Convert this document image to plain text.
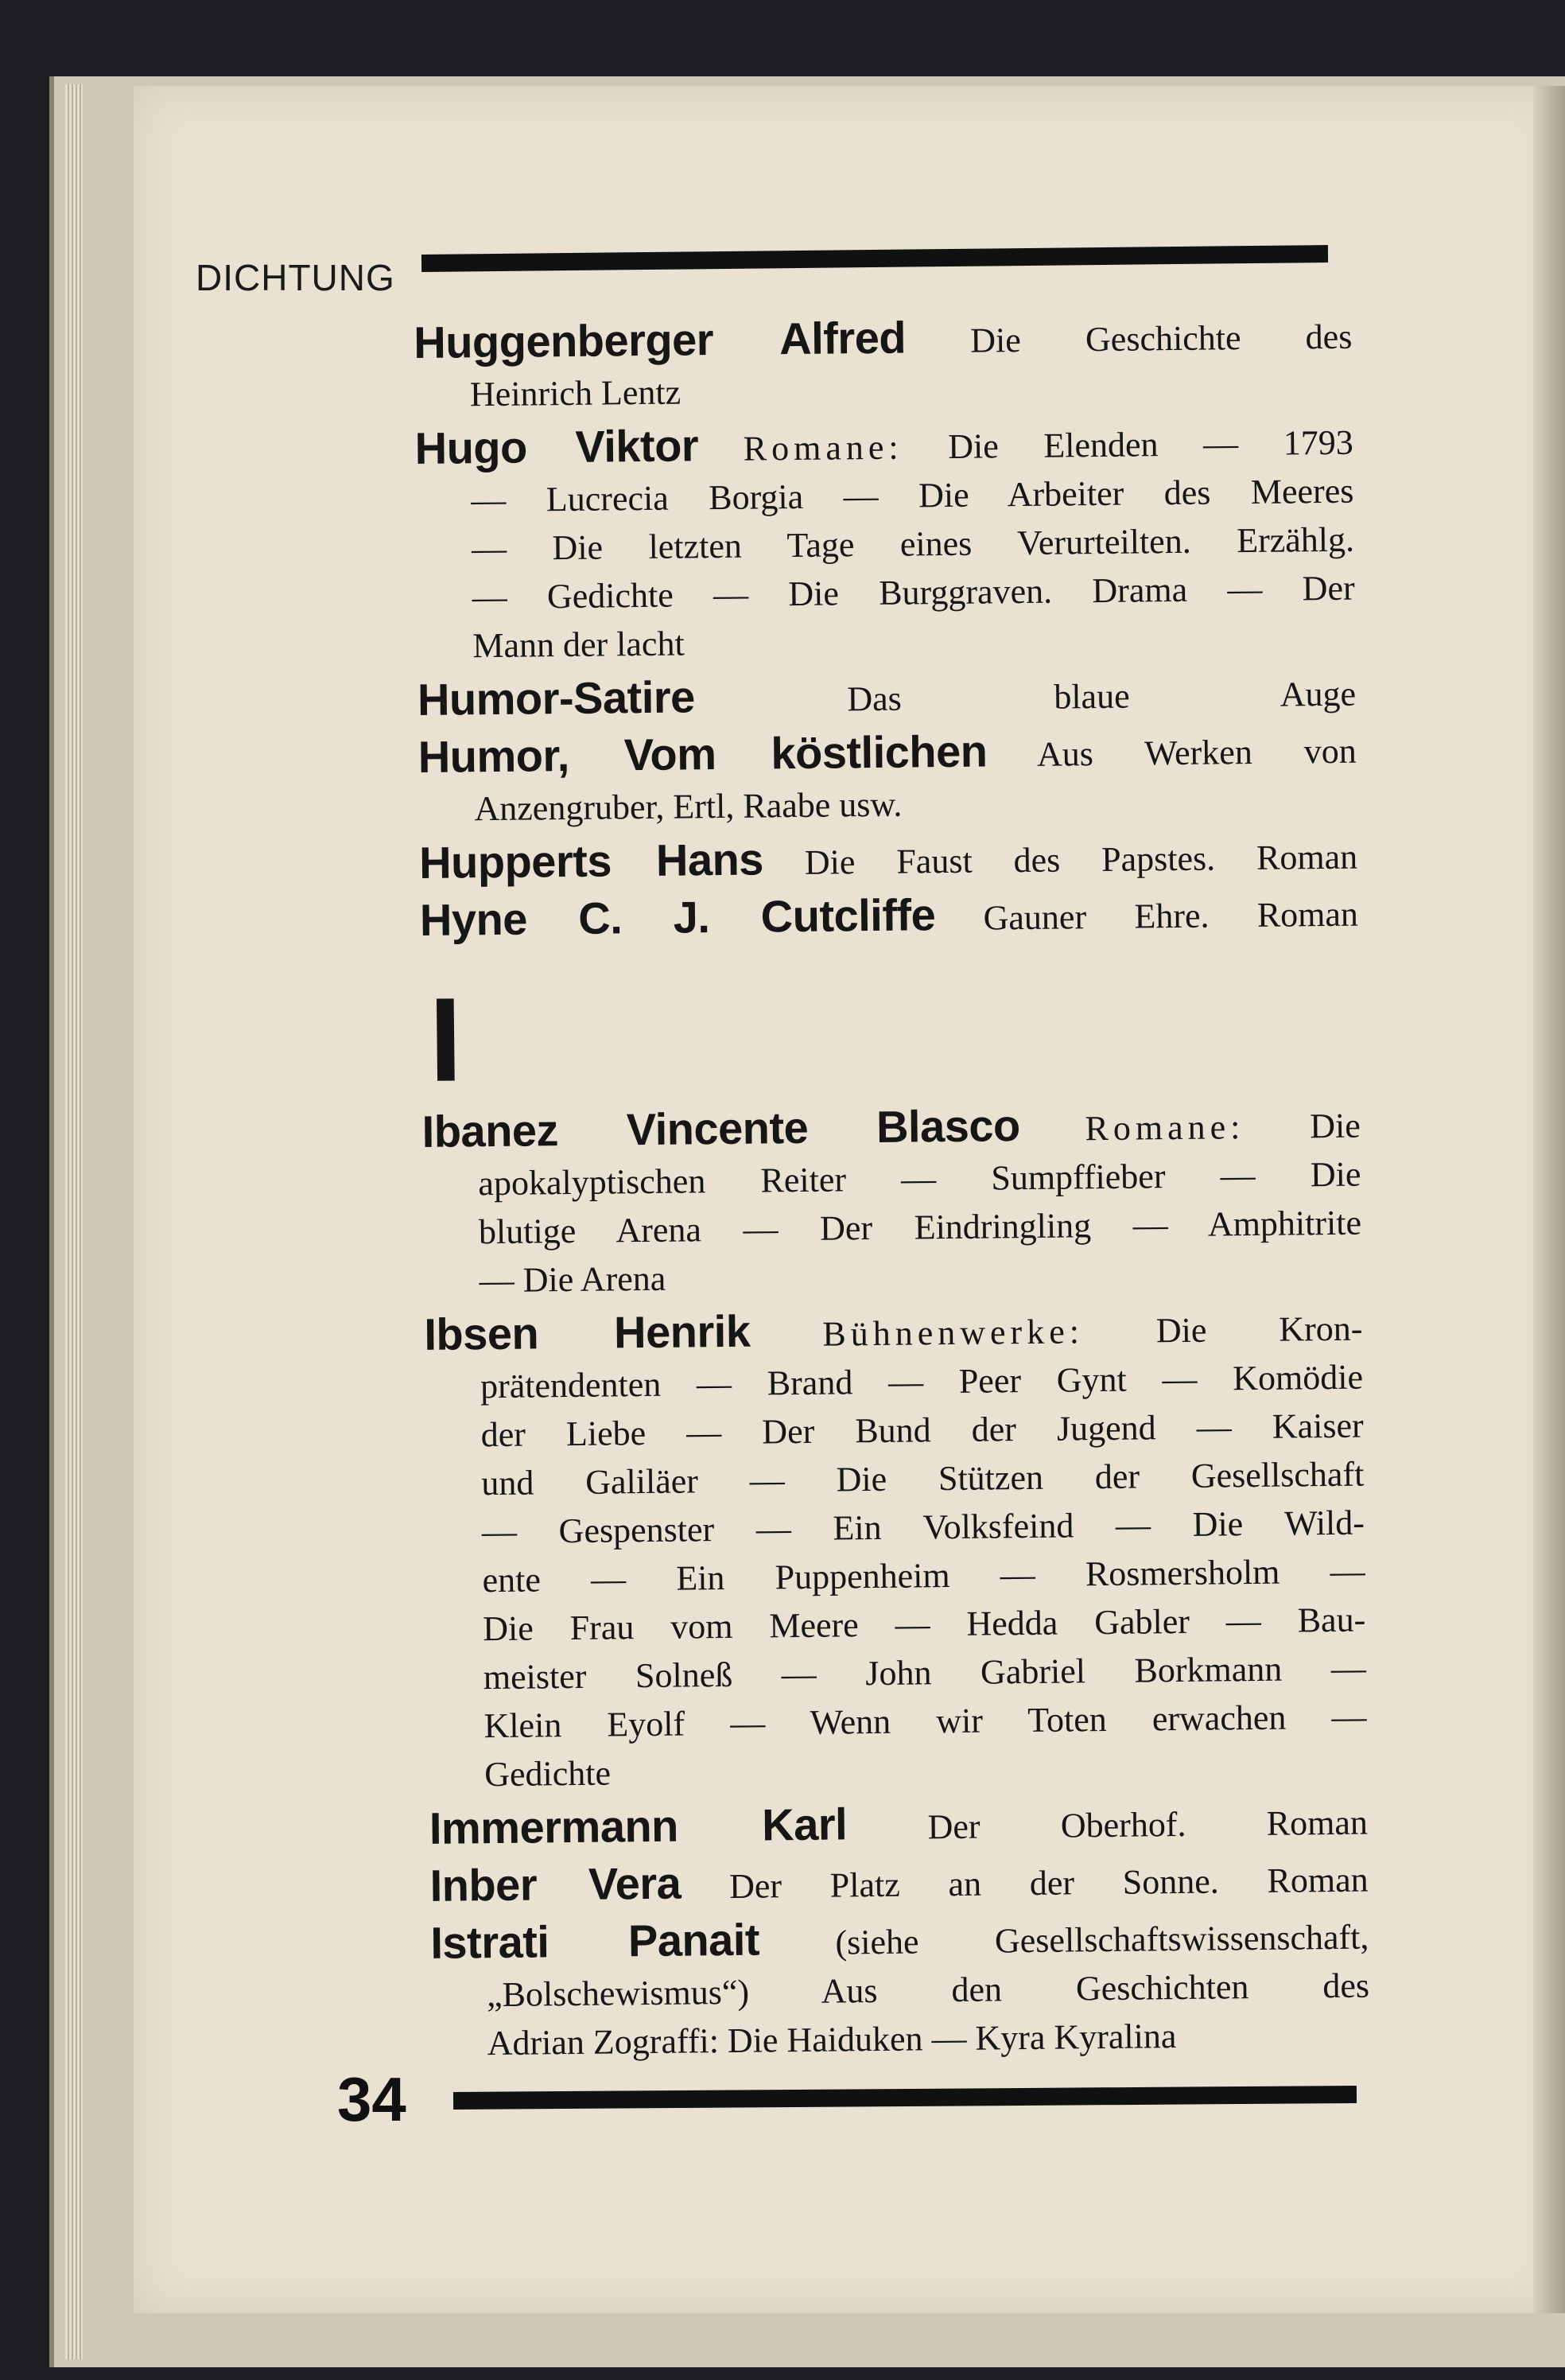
DICHTUNG
Huggenberger Alfred Die Geschichte des
Heinrich Lentz
Hugo Viktor Romane: Die Elenden — 1793
— Lucrecia Borgia — Die Arbeiter des Meeres
— Die letzten Tage eines Verurteilten. Erzählg.
— Gedichte — Die Burggraven. Drama — Der
Mann der lacht
Humor-Satire	Das blaue Auge
Humor, Vom köstlichen Aus Werken von
Anzengruber, Ertl, Raabe usw.
Hupperts Hans Die Faust des Papstes. Roman
Hyne C. J. Cutcliffe Gauner Ehre. Roman
I
Ibanez Vincente Blasco Romane: Die
apokalyptischen Reiter — Sumpffieber — Die
blutige Arena — Der Eindringling — Amphitrite
— Die Arena
Ibsen Henrik Bühnenwerke: Die Kron-
prätendenten — Brand — Peer Gynt — Komödie
der Liebe — Der Bund der Jugend — Kaiser
und Galiläer — Die Stützen der Gesellschaft
— Gespenster — Ein Volksfeind — Die Wild-
ente — Ein Puppenheim — Rosmersholm —
Die Frau vom Meere — Hedda Gabler — Bau-
meister Solneß — John Gabriel Borkmann —
Klein Eyolf — Wenn wir Toten erwachen —
Gedichte
Immermann Karl Der Oberhof. Roman
Inber Vera Der Platz an der Sonne. Roman
Istrati Panait (siehe Gesellschaftswissenschaft,
„Bolschewismus“) Aus den Geschichten des
Adrian Zograffi: Die Haiduken — Kyra Kyralina
34
